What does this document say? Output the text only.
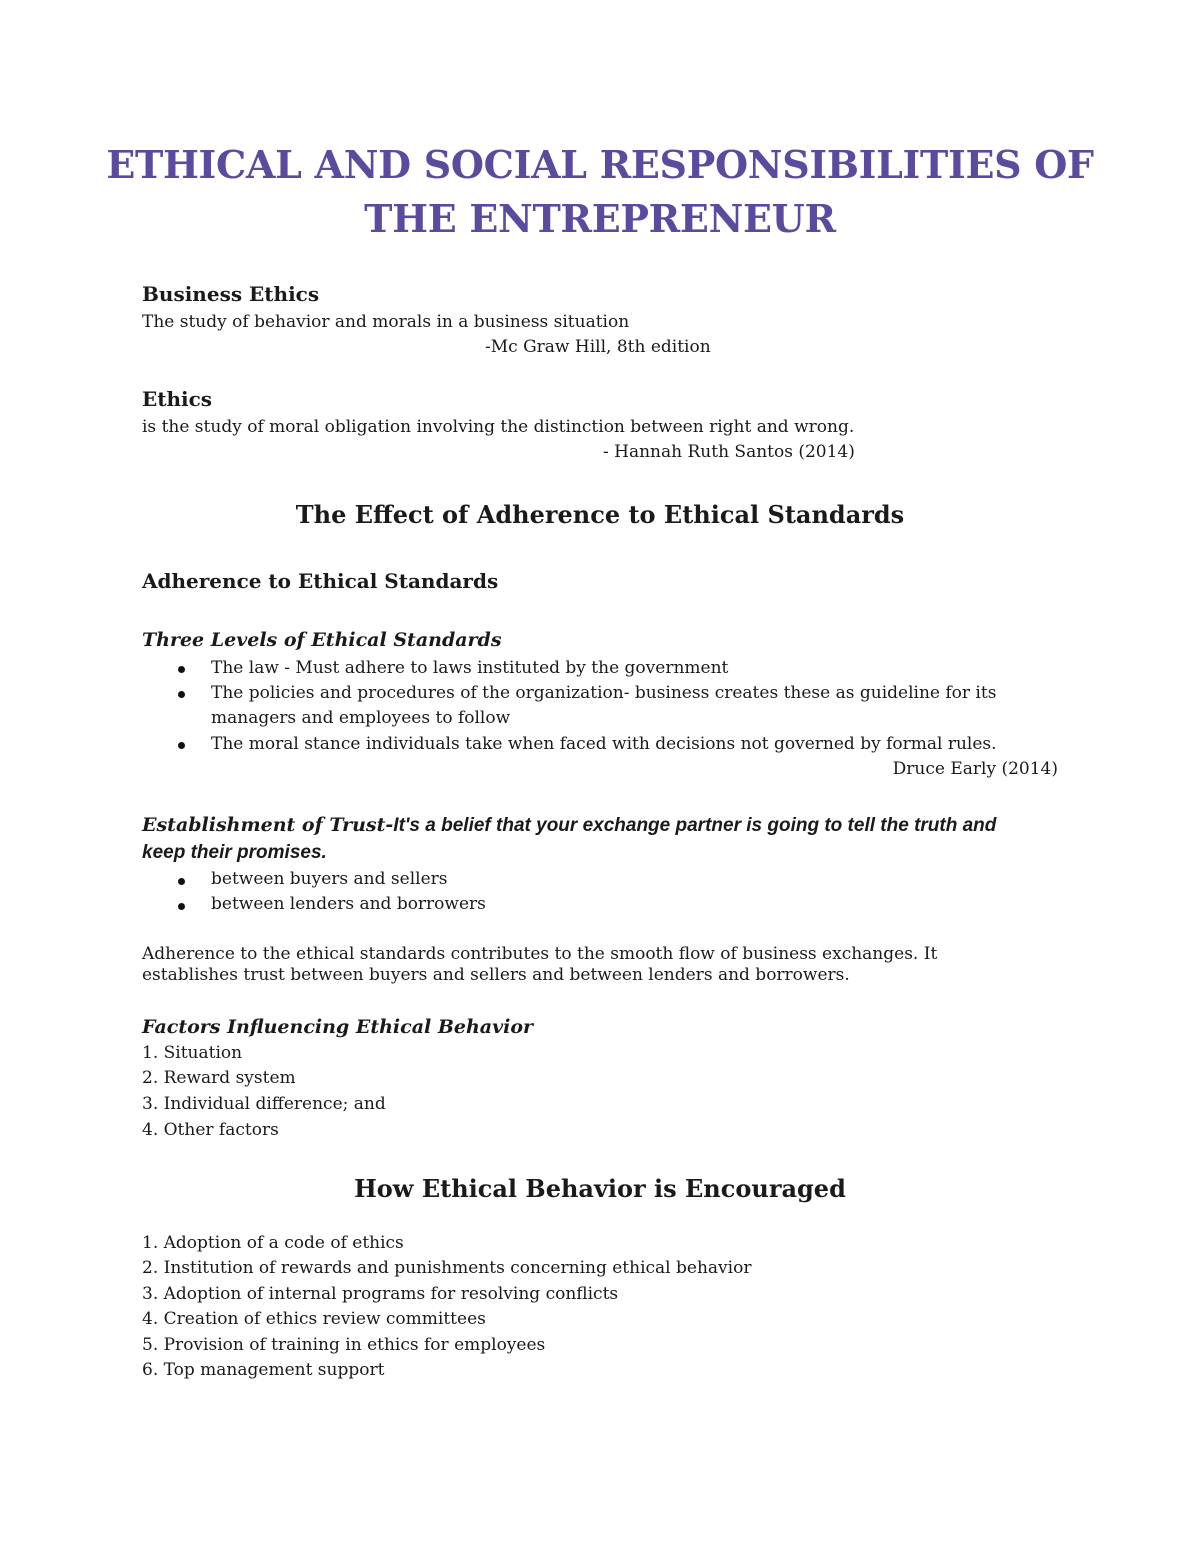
ETHICAL AND SOCIAL RESPONSIBILITIES OF
THE ENTREPRENEUR
Business Ethics
The study of behavior and morals in a business situation
-Mc Graw Hill, 8th edition
Ethics
is the study of moral obligation involving the distinction between right and wrong.
- Hannah Ruth Santos (2014)
The Effect of Adherence to Ethical Standards
Adherence to Ethical Standards
Three Levels of Ethical Standards
The law - Must adhere to laws instituted by the government
The policies and procedures of the organization- business creates these as guideline for its
managers and employees to follow
The moral stance individuals take when faced with decisions not governed by formal rules.
Druce Early (2014)
Establishment of Trust-It's a belief that your exchange partner is going to tell the truth and
keep their promises.
between buyers and sellers
between lenders and borrowers
Adherence to the ethical standards contributes to the smooth flow of business exchanges. It
establishes trust between buyers and sellers and between lenders and borrowers.
Factors Influencing Ethical Behavior
1. Situation
2. Reward system
3. Individual difference; and
4. Other factors
How Ethical Behavior is Encouraged
1. Adoption of a code of ethics
2. Institution of rewards and punishments concerning ethical behavior
3. Adoption of internal programs for resolving conflicts
4. Creation of ethics review committees
5. Provision of training in ethics for employees
6. Top management support
